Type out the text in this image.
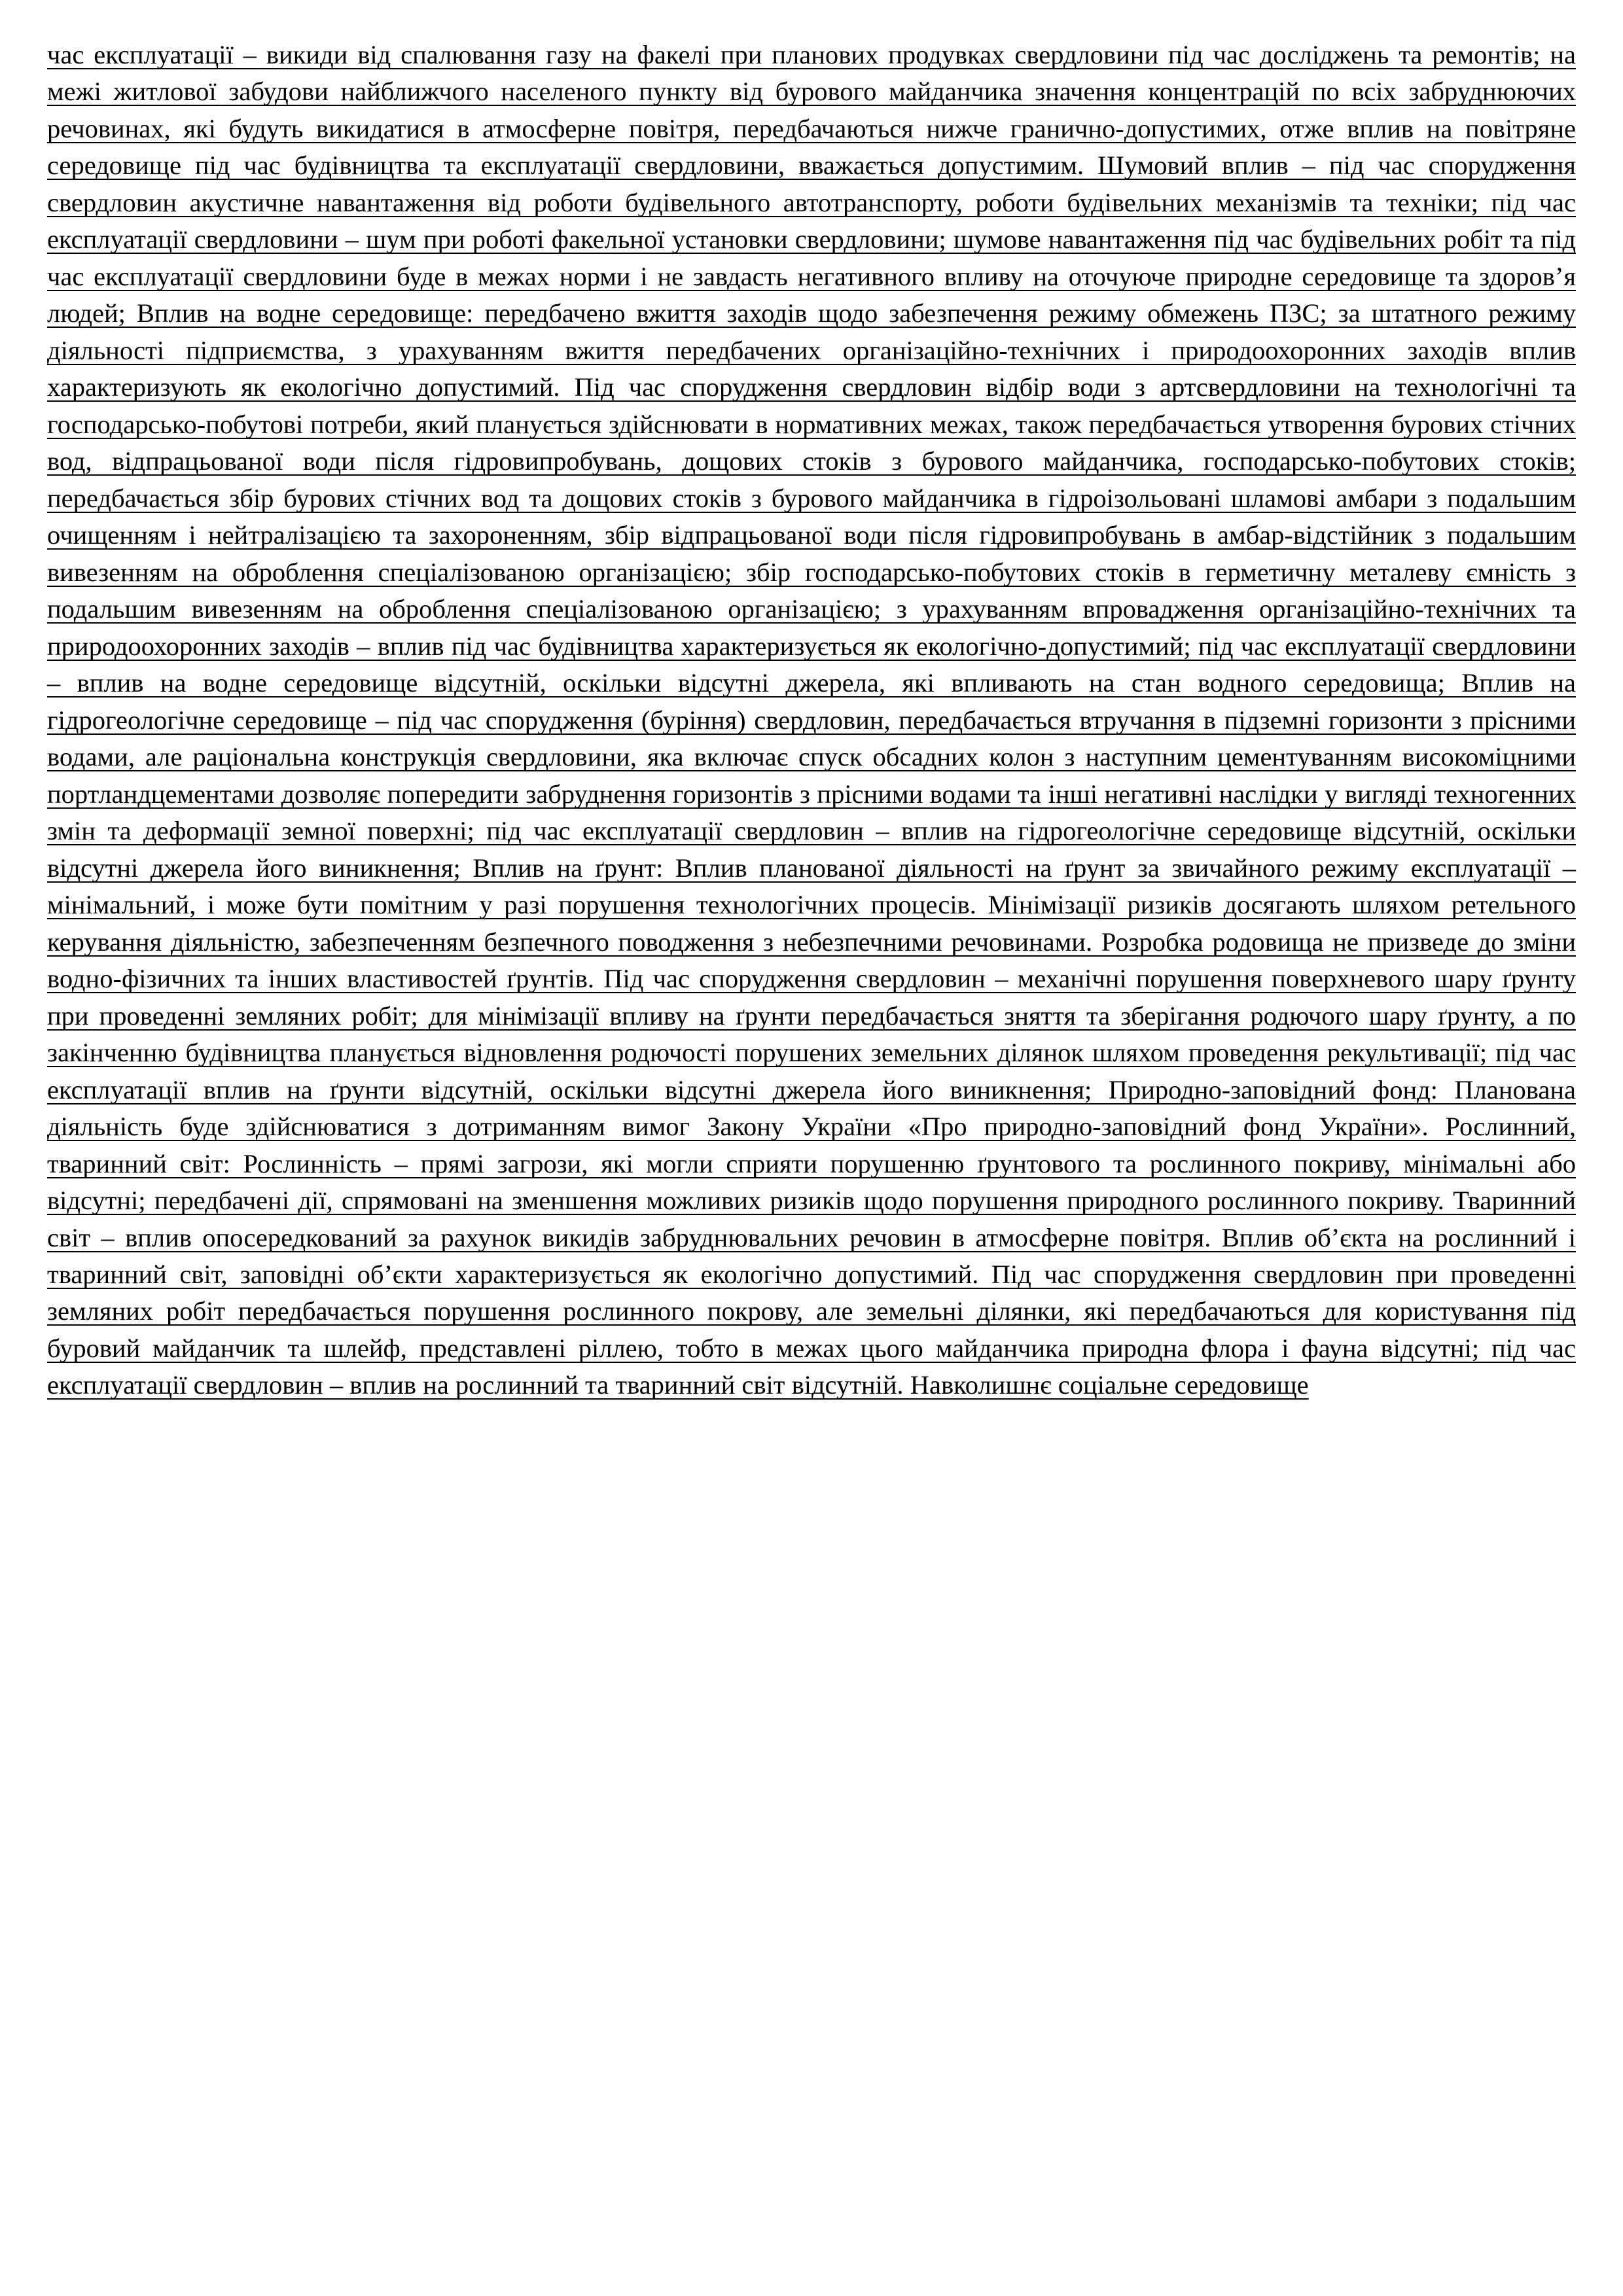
час експлуатації – викиди від спалювання газу на факелі при планових продувках свердловини під час досліджень та ремонтів; на межі житлової забудови найближчого населеного пункту від бурового майданчика значення концентрацій по всіх забруднюючих речовинах, які будуть викидатися в атмосферне повітря, передбачаються нижче гранично-допустимих, отже вплив на повітряне середовище під час будівництва та експлуатації свердловини, вважається допустимим. Шумовий вплив – під час спорудження свердловин акустичне навантаження від роботи будівельного автотранспорту, роботи будівельних механізмів та техніки; під час експлуатації свердловини – шум при роботі факельної установки свердловини; шумове навантаження під час будівельних робіт та під час експлуатації свердловини буде в межах норми і не завдасть негативного впливу на оточуюче природне середовище та здоров’я людей; Вплив на водне середовище: передбачено вжиття заходів щодо забезпечення режиму обмежень ПЗС; за штатного режиму діяльності підприємства, з урахуванням вжиття передбачених організаційно-технічних і природоохоронних заходів вплив характеризують як екологічно допустимий. Під час спорудження свердловин відбір води з артсвердловини на технологічні та господарсько-побутові потреби, який планується здійснювати в нормативних межах, також передбачається утворення бурових стічних вод, відпрацьованої води після гідровипробувань, дощових стоків з бурового майданчика, господарсько-побутових стоків; передбачається збір бурових стічних вод та дощових стоків з бурового майданчика в гідроізольовані шламові амбари з подальшим очищенням і нейтралізацією та захороненням, збір відпрацьованої води після гідровипробувань в амбар-відстійник з подальшим вивезенням на оброблення спеціалізованою організацією; збір господарсько-побутових стоків в герметичну металеву ємність з подальшим вивезенням на оброблення спеціалізованою організацією; з урахуванням впровадження організаційно-технічних та природоохоронних заходів – вплив під час будівництва характеризується як екологічно-допустимий; під час експлуатації свердловини – вплив на водне середовище відсутній, оскільки відсутні джерела, які впливають на стан водного середовища; Вплив на гідрогеологічне середовище – під час спорудження (буріння) свердловин, передбачається втручання в підземні горизонти з прісними водами, але раціональна конструкція свердловини, яка включає спуск обсадних колон з наступним цементуванням високоміцними портландцементами дозволяє попередити забруднення горизонтів з прісними водами та інші негативні наслідки у вигляді техногенних змін та деформації земної поверхні; під час експлуатації свердловин – вплив на гідрогеологічне середовище відсутній, оскільки відсутні джерела його виникнення; Вплив на ґрунт: Вплив планованої діяльності на ґрунт за звичайного режиму експлуатації – мінімальний, і може бути помітним у разі порушення технологічних процесів. Мінімізації ризиків досягають шляхом ретельного керування діяльністю, забезпеченням безпечного поводження з небезпечними речовинами. Розробка родовища не призведе до зміни водно-фізичних та інших властивостей ґрунтів. Під час спорудження свердловин – механічні порушення поверхневого шару ґрунту при проведенні земляних робіт; для мінімізації впливу на ґрунти передбачається зняття та зберігання родючого шару ґрунту, а по закінченню будівництва планується відновлення родючості порушених земельних ділянок шляхом проведення рекультивації; під час експлуатації вплив на ґрунти відсутній, оскільки відсутні джерела його виникнення; Природно-заповідний фонд: Планована діяльність буде здійснюватися з дотриманням вимог Закону України «Про природно-заповідний фонд України». Рослинний, тваринний світ: Рослинність – прямі загрози, які могли сприяти порушенню ґрунтового та рослинного покриву, мінімальні або відсутні; передбачені дії, спрямовані на зменшення можливих ризиків щодо порушення природного рослинного покриву. Тваринний світ – вплив опосередкований за рахунок викидів забруднювальних речовин в атмосферне повітря. Вплив об’єкта на рослинний і тваринний світ, заповідні об’єкти характеризується як екологічно допустимий. Під час спорудження свердловин при проведенні земляних робіт передбачається порушення рослинного покрову, але земельні ділянки, які передбачаються для користування під буровий майданчик та шлейф, представлені ріллею, тобто в межах цього майданчика природна флора і фауна відсутні; під час експлуатації свердловин – вплив на рослинний та тваринний світ відсутній. Навколишнє соціальне середовище
